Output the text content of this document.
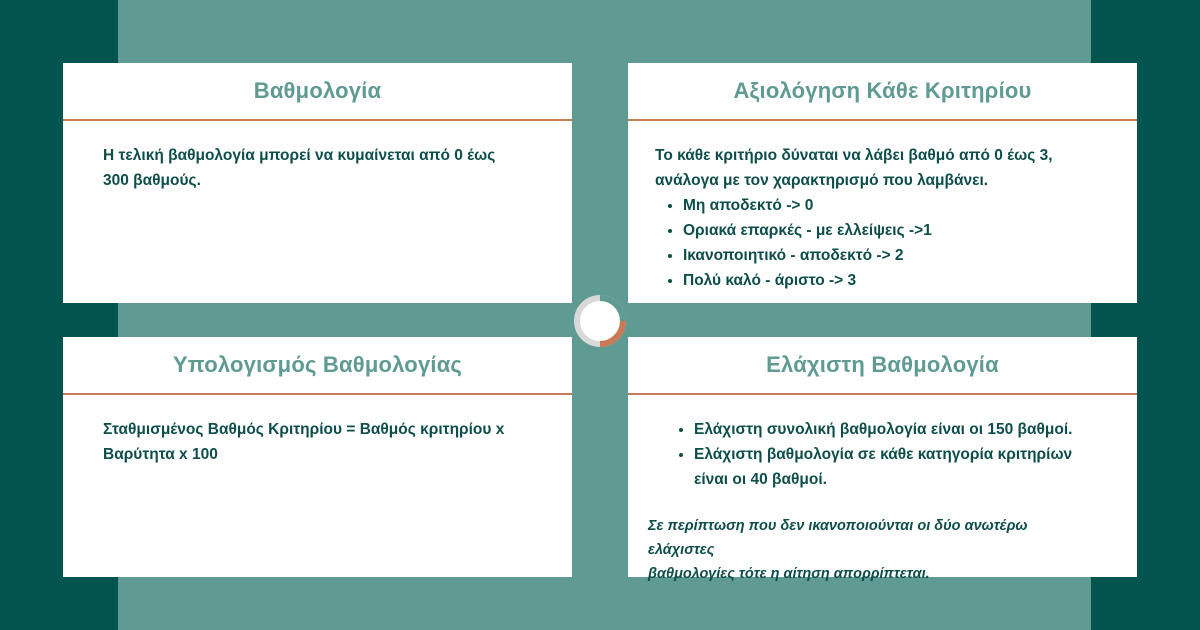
Βαθμολογία

Η τελική βαθμολογία μπορεί να κυμαίνεται από 0 έως
300 βαθμούς.

Αξιολόγηση Κάθε Κριτηρίου

Το κάθε κριτήριο δύναται να λάβει βαθμό από 0 έως 3,
ανάλογα με τον χαρακτηρισμό που λαμβάνει.

• Μη αποδεκτό -> 0
• Οριακά επαρκές - με ελλείψεις ->1
• Ικανοποιητικό - αποδεκτό -> 2
• Πολύ καλό - άριστο -> 3
Υπολογισμός Βαθμολογίας

Σταθμισμένος Βαθμός Κριτηρίου = Βαθμός κριτηρίου x
Βαρύτητα x 100

Ελάχιστη Βαθμολογία
• Ελάχιστη συνολική βαθμολογία είναι οι 150 βαθμοί.
• Ελάχιστη βαθμολογία σε κάθε κατηγορία κριτηρίων
είναι οι 40 βαθμοί.

Σε περίπτωση που δεν ικανοποιούνται οι δύο ανωτέρω ελάχιστες
βαθμολογίες τότε η αίτηση απορρίπτεται.
